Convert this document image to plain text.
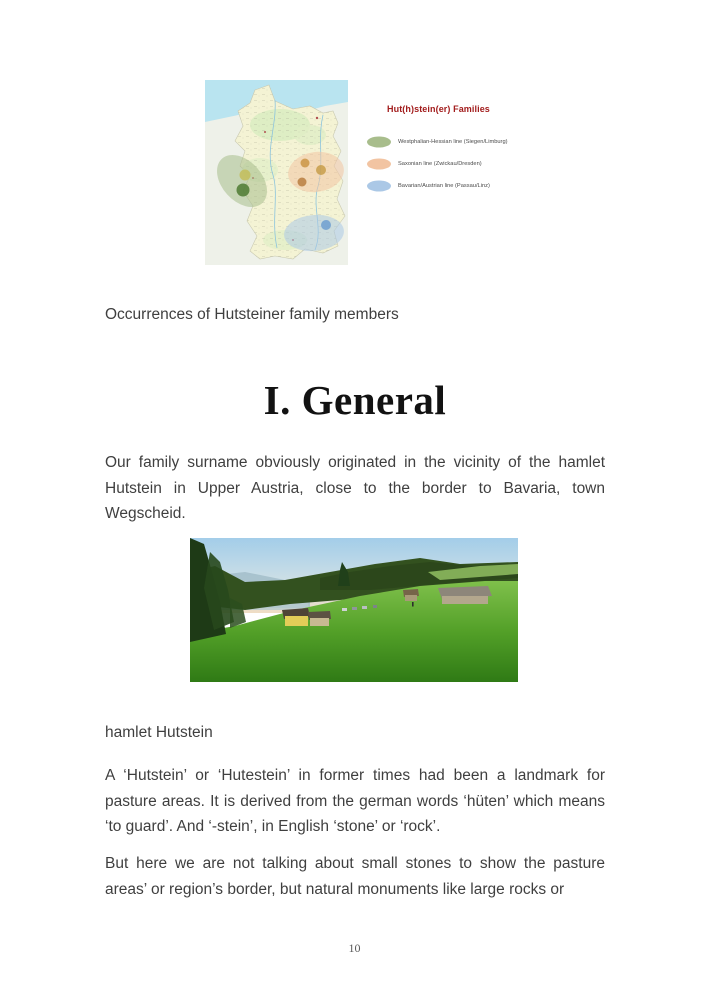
Hut(h)stein(er) Families
Westphalian-Hessian line (Siegen/Limburg)
Saxonian line (Zwickau/Dresden)
Bavarian/Austrian line (Passau/Linz)
Occurrences of Hutsteiner family members
I. General
Our family surname obviously originated in the vicinity of the hamlet Hutstein in Upper Austria, close to the border to Bavaria, town Wegscheid.
hamlet Hutstein
A ‘Hutstein’ or ‘Hutestein’ in former times had been a landmark for pasture areas. It is derived from the german words ‘hüten’ which means ‘to guard’. And ‘-stein’, in English ‘stone’ or ‘rock’.
But here we are not talking about small stones to show the pasture areas’ or region’s border, but natural monuments like large rocks or
10
